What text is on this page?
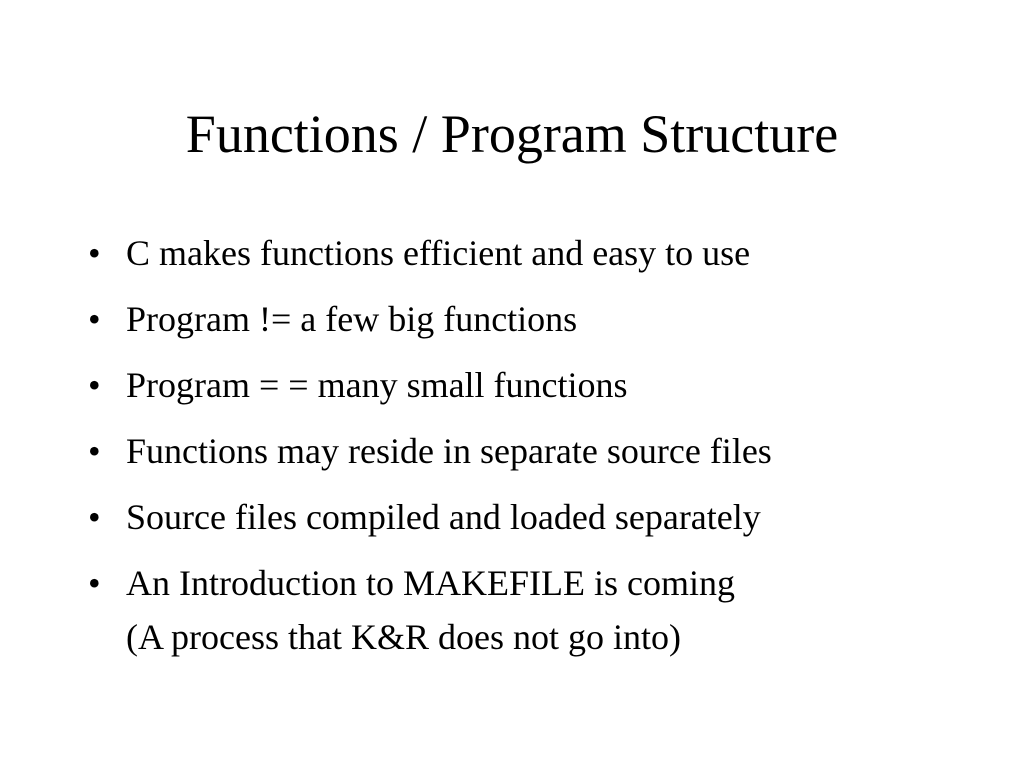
Functions / Program Structure
• C makes functions efficient and easy to use
• Program != a few big functions
• Program = = many small functions
• Functions may reside in separate source files
• Source files compiled and loaded separately
• An Introduction to MAKEFILE is coming
(A process that K&R does not go into)
